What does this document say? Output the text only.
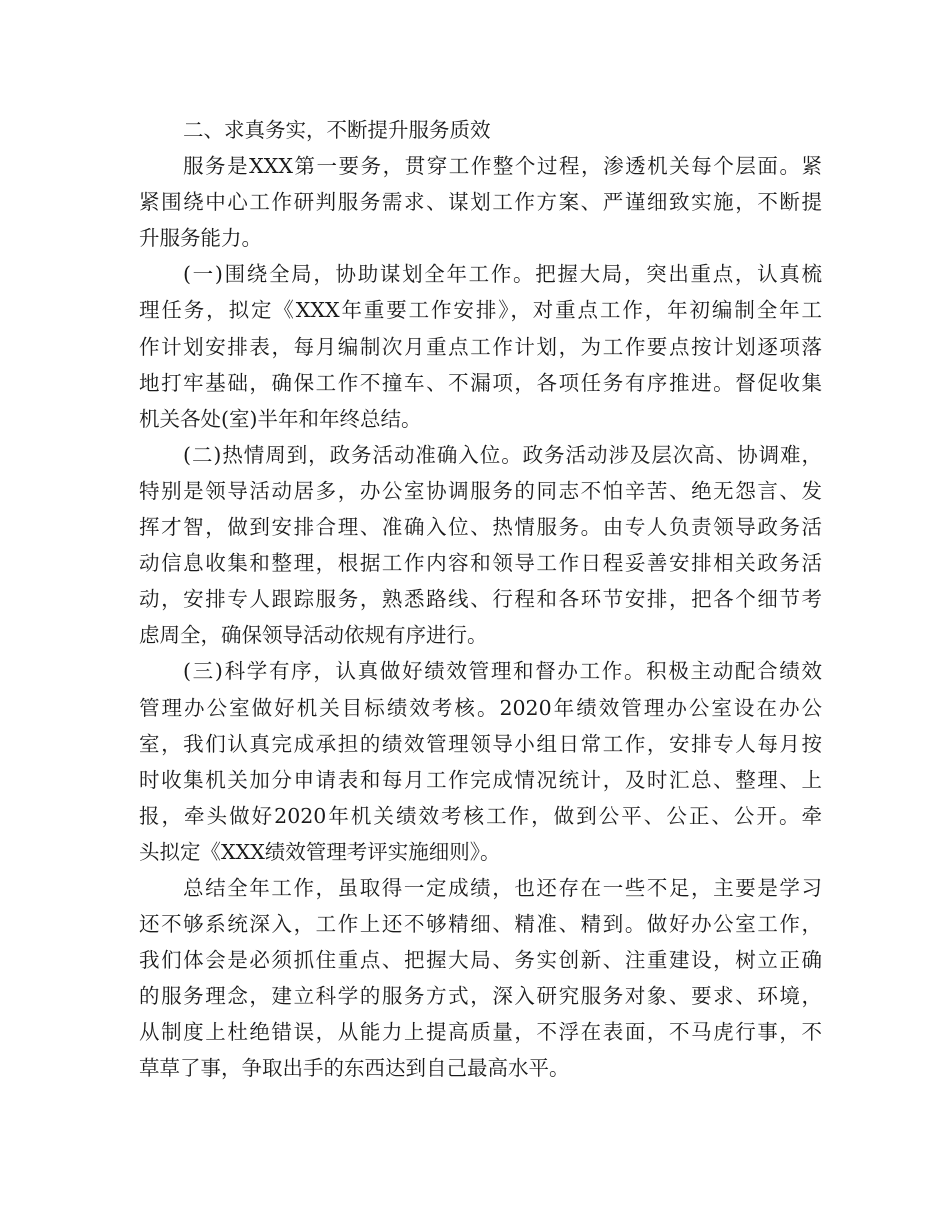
二、求真务实，不断提升服务质效
服务是XXX第一要务，贯穿工作整个过程，渗透机关每个层面。紧
紧围绕中心工作研判服务需求、谋划工作方案、严谨细致实施，不断提
升服务能力。
(一)围绕全局，协助谋划全年工作。把握大局，突出重点，认真梳
理任务，拟定《XXX年重要工作安排》，对重点工作，年初编制全年工
作计划安排表，每月编制次月重点工作计划，为工作要点按计划逐项落
地打牢基础，确保工作不撞车、不漏项，各项任务有序推进。督促收集
机关各处(室)半年和年终总结。
(二)热情周到，政务活动准确入位。政务活动涉及层次高、协调难，
特别是领导活动居多，办公室协调服务的同志不怕辛苦、绝无怨言、发
挥才智，做到安排合理、准确入位、热情服务。由专人负责领导政务活
动信息收集和整理，根据工作内容和领导工作日程妥善安排相关政务活
动，安排专人跟踪服务，熟悉路线、行程和各环节安排，把各个细节考
虑周全，确保领导活动依规有序进行。
(三)科学有序，认真做好绩效管理和督办工作。积极主动配合绩效
管理办公室做好机关目标绩效考核。2020年绩效管理办公室设在办公
室，我们认真完成承担的绩效管理领导小组日常工作，安排专人每月按
时收集机关加分申请表和每月工作完成情况统计，及时汇总、整理、上
报，牵头做好2020年机关绩效考核工作，做到公平、公正、公开。牵
头拟定《XXX绩效管理考评实施细则》。
总结全年工作，虽取得一定成绩，也还存在一些不足，主要是学习
还不够系统深入，工作上还不够精细、精准、精到。做好办公室工作，
我们体会是必须抓住重点、把握大局、务实创新、注重建设，树立正确
的服务理念，建立科学的服务方式，深入研究服务对象、要求、环境，
从制度上杜绝错误，从能力上提高质量，不浮在表面，不马虎行事，不
草草了事，争取出手的东西达到自己最高水平。
